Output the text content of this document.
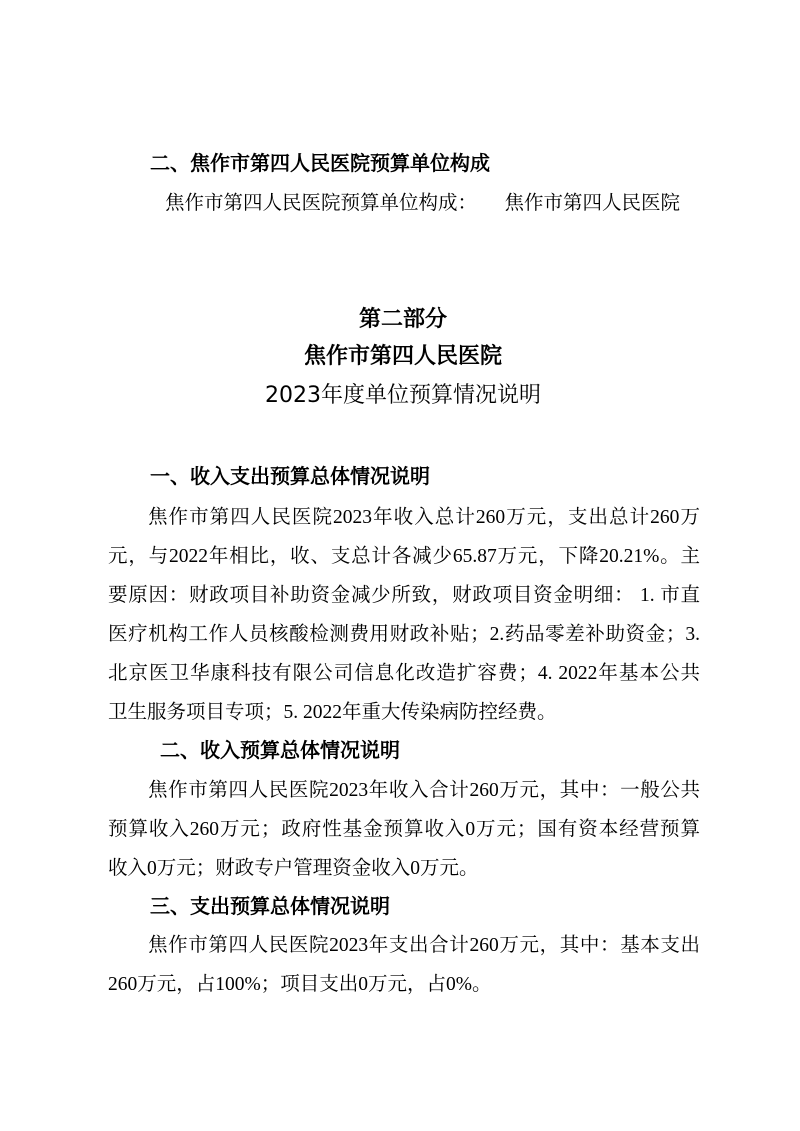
二、焦作市第四人民医院预算单位构成
焦作市第四人民医院预算单位构成： 焦作市第四人民医院
第二部分
焦作市第四人民医院
2023年度单位预算情况说明
一、收入支出预算总体情况说明
焦作市第四人民医院2023年收入总计260万元，支出总计260万
元，与2022年相比，收、支总计各减少65.87万元，下降20.21%。主
要原因：财政项目补助资金减少所致，财政项目资金明细： 1. 市直
医疗机构工作人员核酸检测费用财政补贴；2.药品零差补助资金；3.
北京医卫华康科技有限公司信息化改造扩容费；4. 2022年基本公共
卫生服务项目专项；5. 2022年重大传染病防控经费。
二、收入预算总体情况说明
焦作市第四人民医院2023年收入合计260万元，其中：一般公共
预算收入260万元；政府性基金预算收入0万元；国有资本经营预算
收入0万元；财政专户管理资金收入0万元。
三、支出预算总体情况说明
焦作市第四人民医院2023年支出合计260万元，其中：基本支出
260万元，占100%；项目支出0万元，占0%。
